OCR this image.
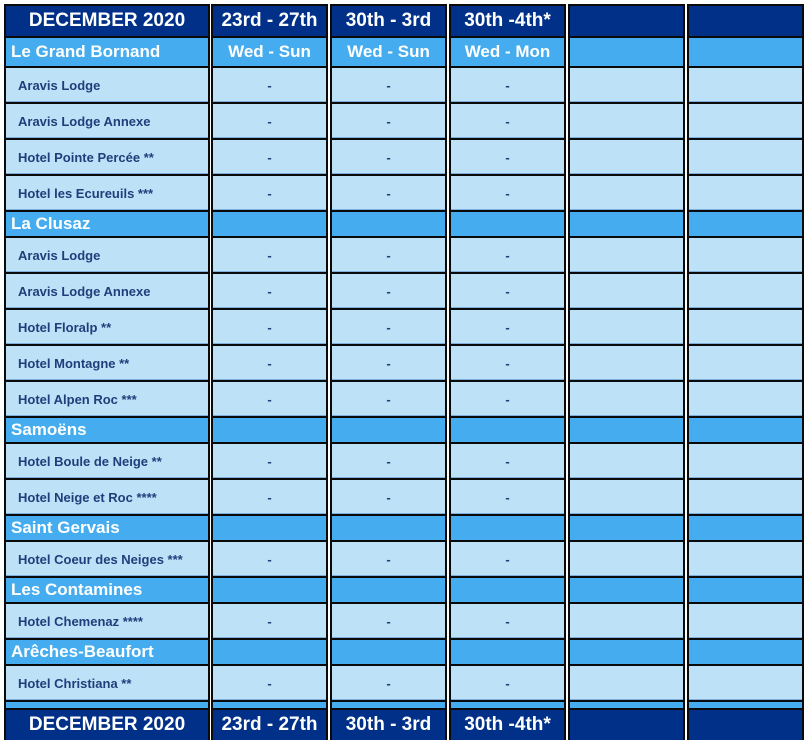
DECEMBER 2020
Le Grand Bornand
Aravis Lodge
Aravis Lodge Annexe
Hotel Pointe Percée **
Hotel les Ecureuils ***
La Clusaz
Aravis Lodge
Aravis Lodge Annexe
Hotel Floralp **
Hotel Montagne **
Hotel Alpen Roc ***
Samoëns
Hotel Boule de Neige **
Hotel Neige et Roc ****
Saint Gervais
Hotel Coeur des Neiges ***
Les Contamines
Hotel Chemenaz ****
Arêches-Beaufort
Hotel Christiana **
DECEMBER 2020
23rd - 27th
Wed - Sun
-
-
-
-
-
-
-
-
-
-
-
-
-
-
23rd - 27th
30th - 3rd
Wed - Sun
-
-
-
-
-
-
-
-
-
-
-
-
-
-
30th - 3rd
30th -4th*
Wed - Mon
-
-
-
-
-
-
-
-
-
-
-
-
-
-
30th -4th*
